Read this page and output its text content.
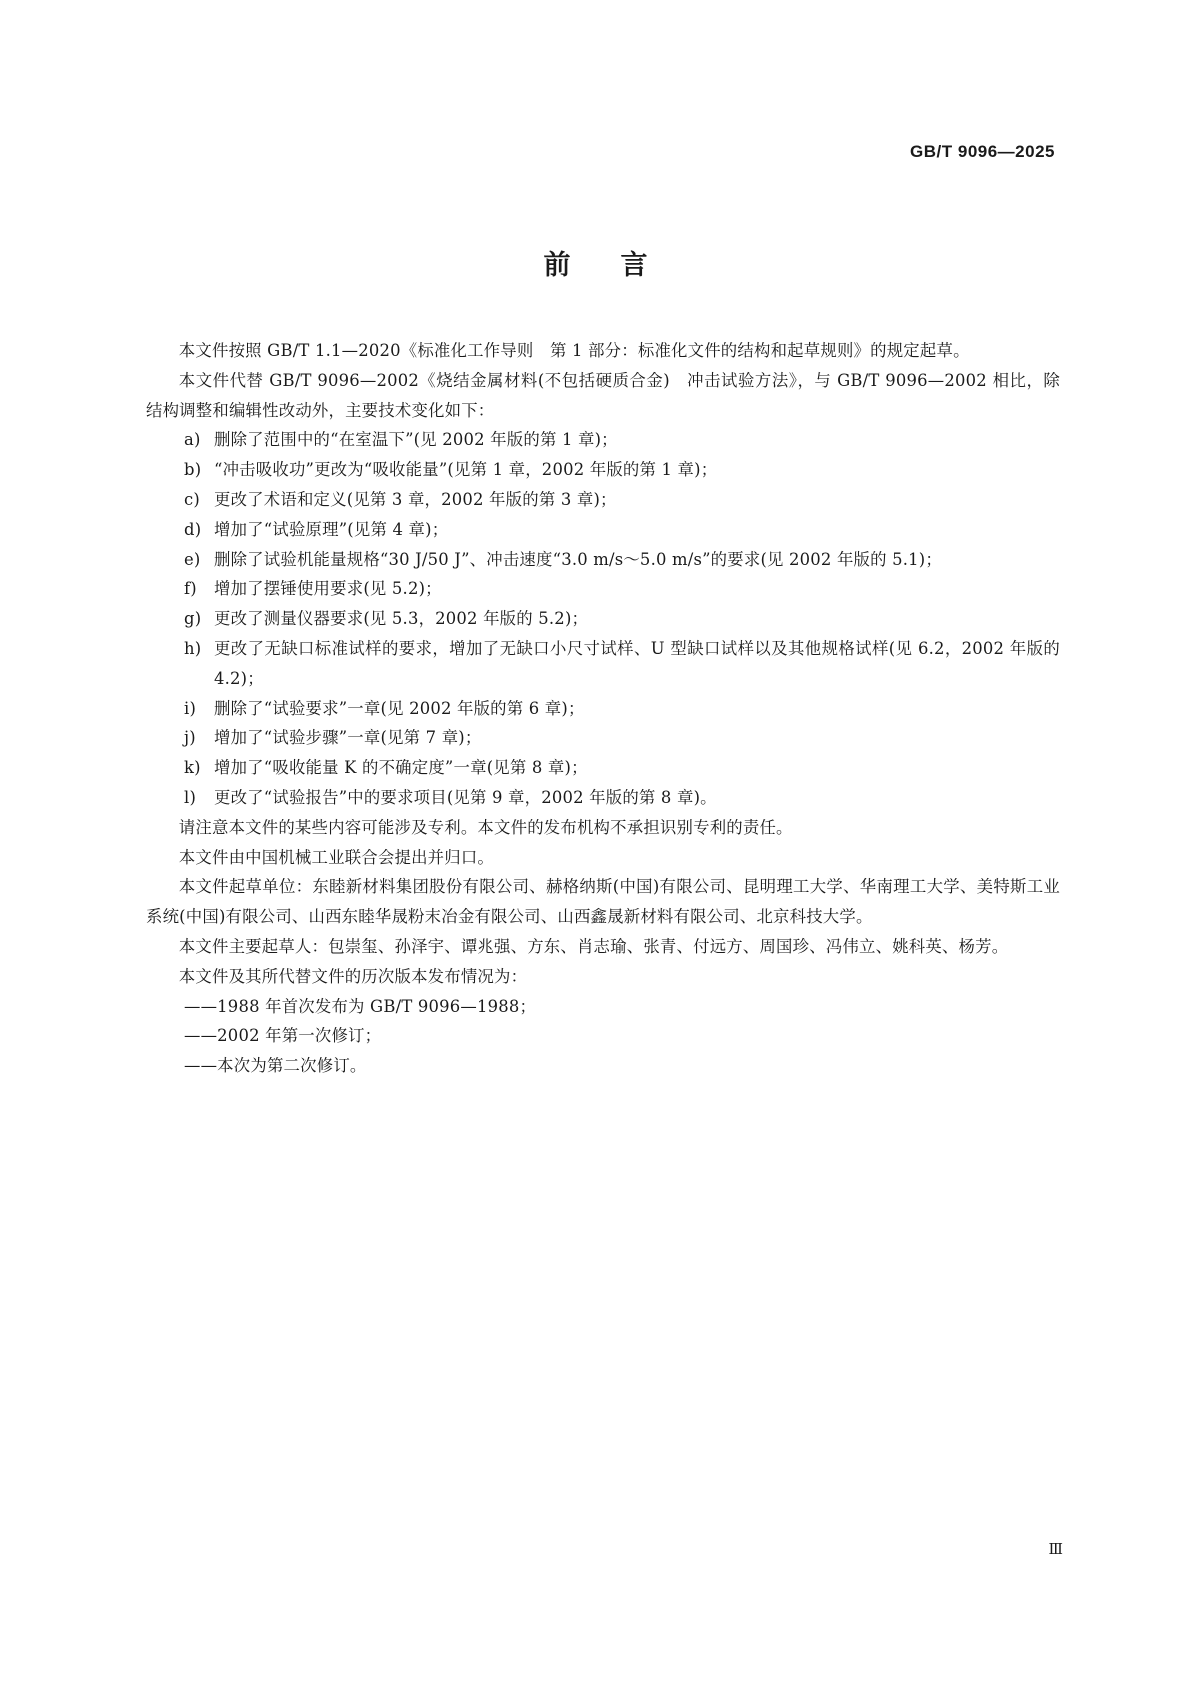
GB/T 9096—2025
前言

本文件按照 GB/T 1.1—2020《标准化工作导则　第 1 部分：标准化文件的结构和起草规则》的规定起草。

本文件代替 GB/T 9096—2002《烧结金属材料(不包括硬质合金)　冲击试验方法》，与 GB/T 9096—2002 相比，除结构调整和编辑性改动外，主要技术变化如下：

a) 删除了范围中的“在室温下”(见 2002 年版的第 1 章)；
b) “冲击吸收功”更改为“吸收能量”(见第 1 章，2002 年版的第 1 章)；
c) 更改了术语和定义(见第 3 章，2002 年版的第 3 章)；
d) 增加了“试验原理”(见第 4 章)；
e) 删除了试验机能量规格“30 J/50 J”、冲击速度“3.0 m/s～5.0 m/s”的要求(见 2002 年版的 5.1)；
f) 增加了摆锤使用要求(见 5.2)；
g) 更改了测量仪器要求(见 5.3，2002 年版的 5.2)；
h) 更改了无缺口标准试样的要求，增加了无缺口小尺寸试样、U 型缺口试样以及其他规格试样(见 6.2，2002 年版的 4.2)；
i) 删除了“试验要求”一章(见 2002 年版的第 6 章)；
j) 增加了“试验步骤”一章(见第 7 章)；
k) 增加了“吸收能量 K 的不确定度”一章(见第 8 章)；
l) 更改了“试验报告”中的要求项目(见第 9 章，2002 年版的第 8 章)。

请注意本文件的某些内容可能涉及专利。本文件的发布机构不承担识别专利的责任。

本文件由中国机械工业联合会提出并归口。

本文件起草单位：东睦新材料集团股份有限公司、赫格纳斯(中国)有限公司、昆明理工大学、华南理工大学、美特斯工业系统(中国)有限公司、山西东睦华晟粉末冶金有限公司、山西鑫晟新材料有限公司、北京科技大学。

本文件主要起草人：包崇玺、孙泽宇、谭兆强、方东、肖志瑜、张青、付远方、周国珍、冯伟立、姚科英、杨芳。

本文件及其所代替文件的历次版本发布情况为：

——1988 年首次发布为 GB/T 9096—1988；
——2002 年第一次修订；
——本次为第二次修订。
Ⅲ
